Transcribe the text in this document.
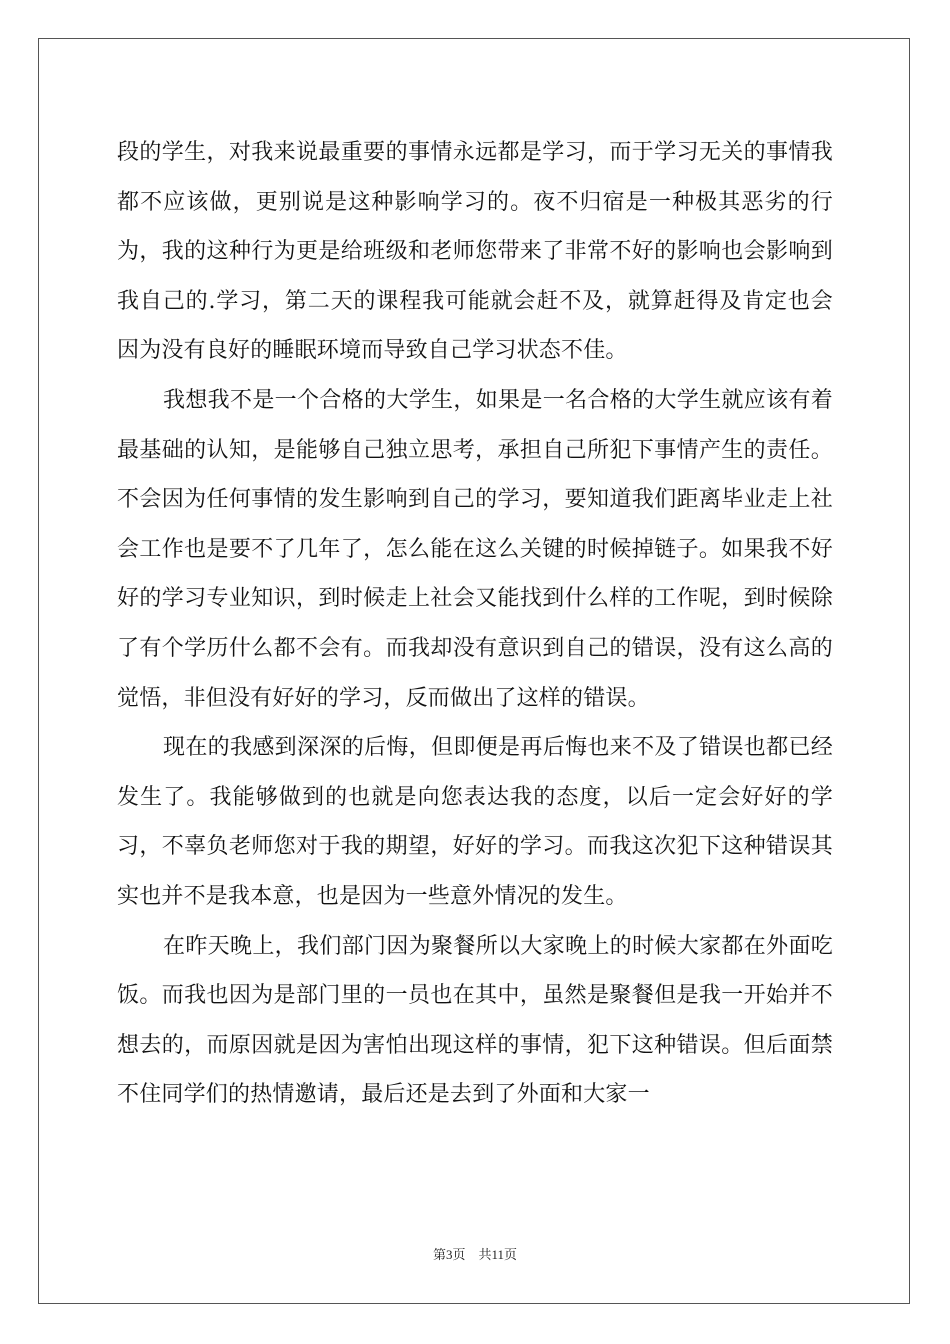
段的学生，对我来说最重要的事情永远都是学习，而于学习无关的事情我都不应该做，更别说是这种影响学习的。夜不归宿是一种极其恶劣的行为，我的这种行为更是给班级和老师您带来了非常不好的影响也会影响到我自己的.学习，第二天的课程我可能就会赶不及，就算赶得及肯定也会因为没有良好的睡眠环境而导致自己学习状态不佳。

我想我不是一个合格的大学生，如果是一名合格的大学生就应该有着最基础的认知，是能够自己独立思考，承担自己所犯下事情产生的责任。不会因为任何事情的发生影响到自己的学习，要知道我们距离毕业走上社会工作也是要不了几年了，怎么能在这么关键的时候掉链子。如果我不好好的学习专业知识，到时候走上社会又能找到什么样的工作呢，到时候除了有个学历什么都不会有。而我却没有意识到自己的错误，没有这么高的觉悟，非但没有好好的学习，反而做出了这样的错误。

现在的我感到深深的后悔，但即便是再后悔也来不及了错误也都已经发生了。我能够做到的也就是向您表达我的态度，以后一定会好好的学习，不辜负老师您对于我的期望，好好的学习。而我这次犯下这种错误其实也并不是我本意，也是因为一些意外情况的发生。

在昨天晚上，我们部门因为聚餐所以大家晚上的时候大家都在外面吃饭。而我也因为是部门里的一员也在其中，虽然是聚餐但是我一开始并不想去的，而原因就是因为害怕出现这样的事情，犯下这种错误。但后面禁不住同学们的热情邀请，最后还是去到了外面和大家一

第3页　共11页
